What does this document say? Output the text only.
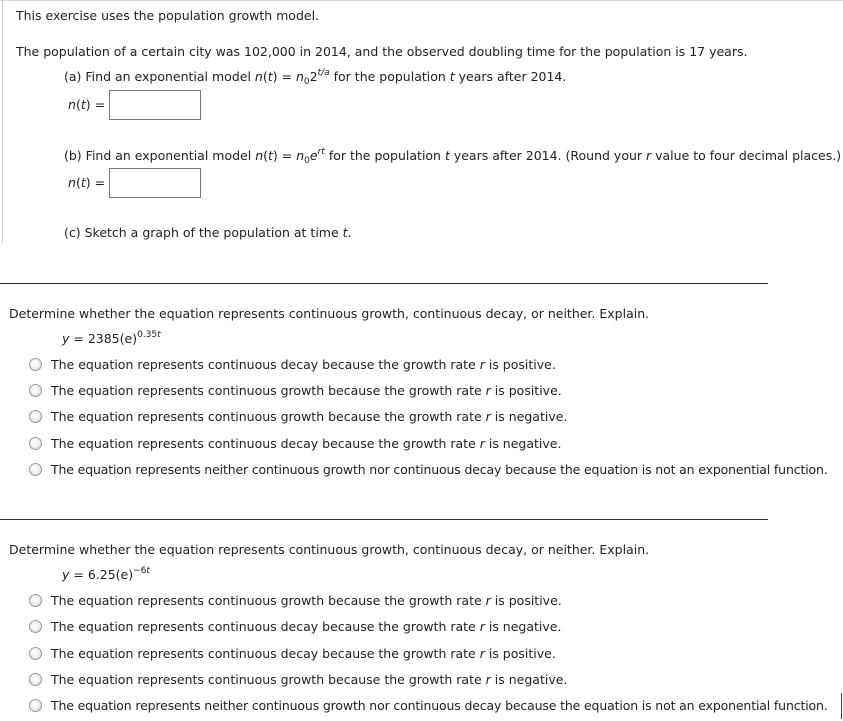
This exercise uses the population growth model.
The population of a certain city was 102,000 in 2014, and the observed doubling time for the population is 17 years.
(a) Find an exponential model $n(t) = n_02^{t/a}$ for the population t years after 2014.
n(t) =
(b) Find an exponential model $n(t) = n_0e^{rt}$ for the population t years after 2014. (Round your r value to four decimal places.)
n(t) =
(c) Sketch a graph of the population at time t.
Determine whether the equation represents continuous growth, continuous decay, or neither. Explain.
$y = 2385(e)^{0.35t}$
The equation represents continuous decay because the growth rate r is positive.
The equation represents continuous growth because the growth rate r is positive.
The equation represents continuous growth because the growth rate r is negative.
The equation represents continuous decay because the growth rate r is negative.
The equation represents neither continuous growth nor continuous decay because the equation is not an exponential function.
Determine whether the equation represents continuous growth, continuous decay, or neither. Explain.
$y = 6.25(e)^{-6t}$
The equation represents continuous growth because the growth rate r is positive.
The equation represents continuous decay because the growth rate r is negative.
The equation represents continuous decay because the growth rate r is positive.
The equation represents continuous growth because the growth rate r is negative.
The equation represents neither continuous growth nor continuous decay because the equation is not an exponential function.
